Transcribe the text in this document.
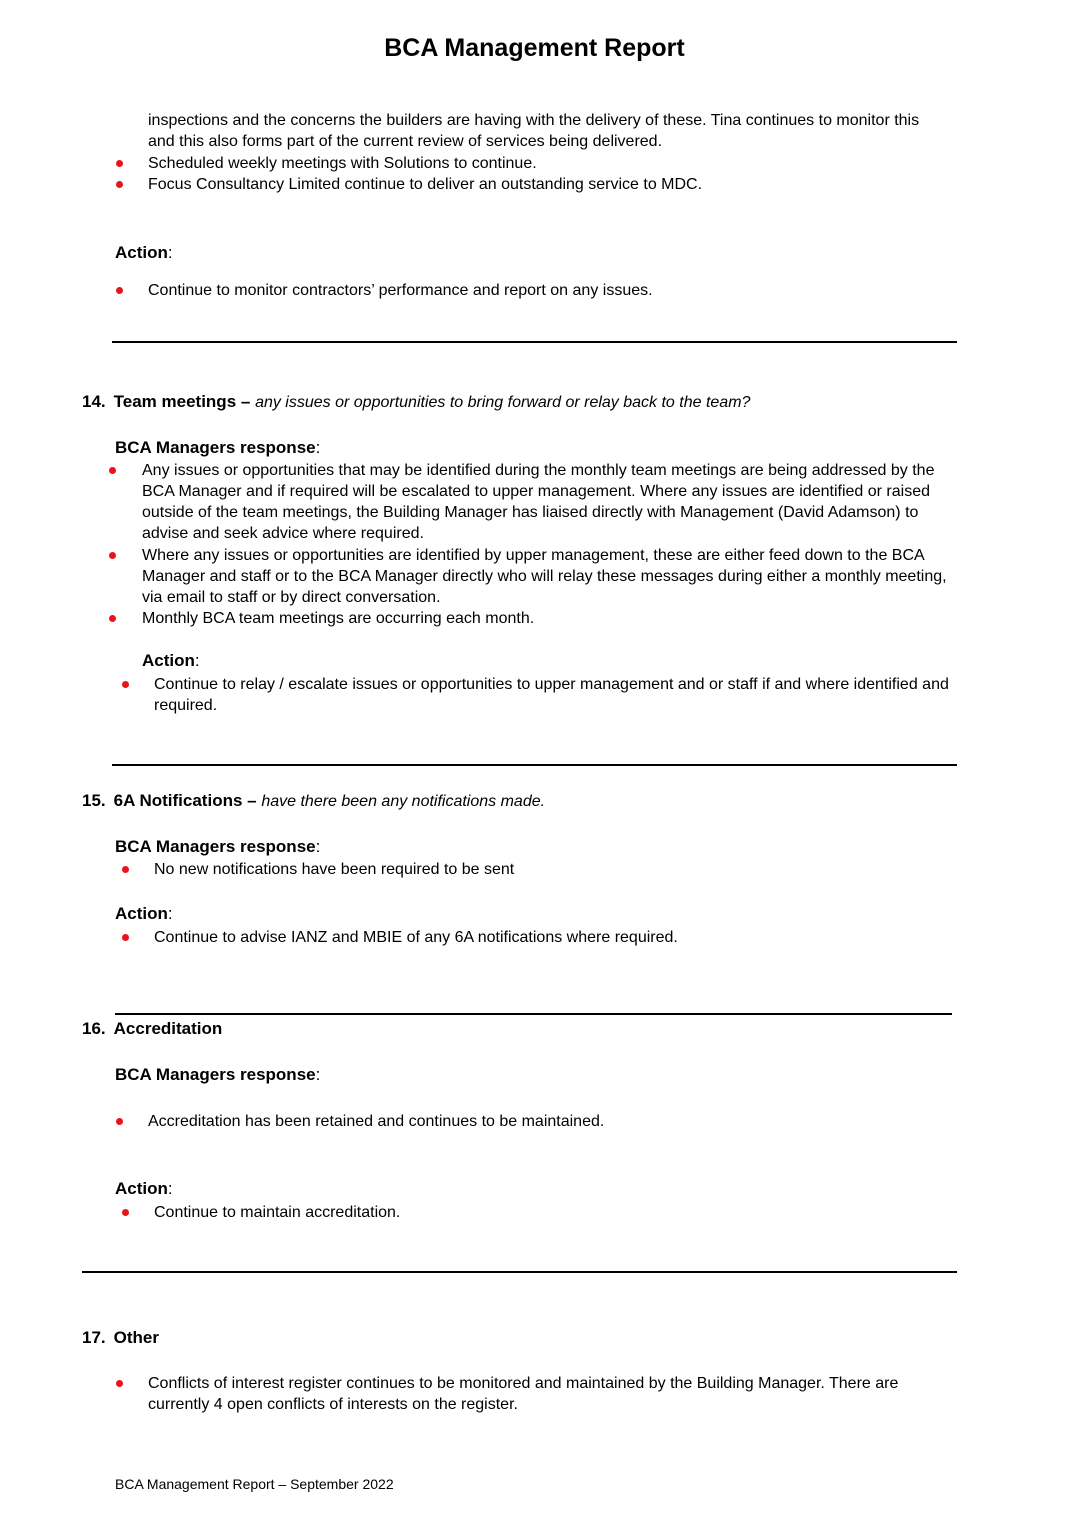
BCA Management Report
inspections and the concerns the builders are having with the delivery of these. Tina continues to monitor this and this also forms part of the current review of services being delivered.
Scheduled weekly meetings with Solutions to continue.
Focus Consultancy Limited continue to deliver an outstanding service to MDC.
Action:
Continue to monitor contractors’ performance and report on any issues.
14. Team meetings – any issues or opportunities to bring forward or relay back to the team?
BCA Managers response:
Any issues or opportunities that may be identified during the monthly team meetings are being addressed by the BCA Manager and if required will be escalated to upper management. Where any issues are identified or raised outside of the team meetings, the Building Manager has liaised directly with Management (David Adamson) to advise and seek advice where required.
Where any issues or opportunities are identified by upper management, these are either feed down to the BCA Manager and staff or to the BCA Manager directly who will relay these messages during either a monthly meeting, via email to staff or by direct conversation.
Monthly BCA team meetings are occurring each month.
Action:
Continue to relay / escalate issues or opportunities to upper management and or staff if and where identified and required.
15. 6A Notifications – have there been any notifications made.
BCA Managers response:
No new notifications have been required to be sent
Action:
Continue to advise IANZ and MBIE of any 6A notifications where required.
16. Accreditation
BCA Managers response:
Accreditation has been retained and continues to be maintained.
Action:
Continue to maintain accreditation.
17. Other
Conflicts of interest register continues to be monitored and maintained by the Building Manager. There are currently 4 open conflicts of interests on the register.
BCA Management Report – September 2022
